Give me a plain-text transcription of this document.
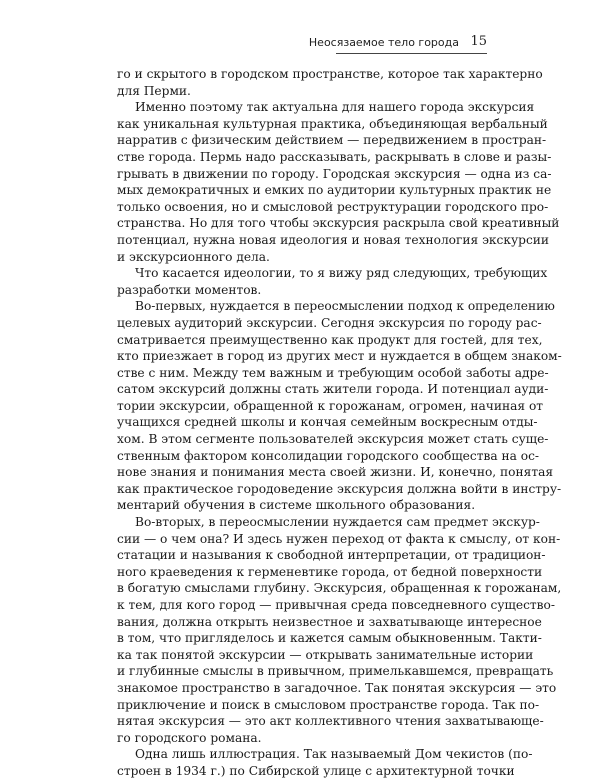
Неосязаемое тело города 15
го и скрытого в городском пространстве, которое так характерно
для Перми.
Именно поэтому так актуальна для нашего города экскурсия
как уникальная культурная практика, объединяющая вербальный
нарратив с физическим действием — передвижением в простран-
стве города. Пермь надо рассказывать, раскрывать в слове и разы-
грывать в движении по городу. Городская экскурсия — одна из са-
мых демократичных и емких по аудитории культурных практик не
только освоения, но и смысловой реструктурации городского про-
странства. Но для того чтобы экскурсия раскрыла свой креативный
потенциал, нужна новая идеология и новая технология экскурсии
и экскурсионного дела.
Что касается идеологии, то я вижу ряд следующих, требующих
разработки моментов.
Во-первых, нуждается в переосмыслении подход к определению
целевых аудиторий экскурсии. Сегодня экскурсия по городу рас-
сматривается преимущественно как продукт для гостей, для тех,
кто приезжает в город из других мест и нуждается в общем знаком-
стве с ним. Между тем важным и требующим особой заботы адре-
сатом экскурсий должны стать жители города. И потенциал ауди-
тории экскурсии, обращенной к горожанам, огромен, начиная от
учащихся средней школы и кончая семейным воскресным отды-
хом. В этом сегменте пользователей экскурсия может стать суще-
ственным фактором консолидации городского сообщества на ос-
нове знания и понимания места своей жизни. И, конечно, понятая
как практическое городоведение экскурсия должна войти в инстру-
ментарий обучения в системе школьного образования.
Во-вторых, в переосмыслении нуждается сам предмет экскур-
сии — о чем она? И здесь нужен переход от факта к смыслу, от кон-
статации и называния к свободной интерпретации, от традицион-
ного краеведения к герменевтике города, от бедной поверхности
в богатую смыслами глубину. Экскурсия, обращенная к горожанам,
к тем, для кого город — привычная среда повседневного существо-
вания, должна открыть неизвестное и захватывающе интересное
в том, что пригляделось и кажется самым обыкновенным. Такти-
ка так понятой экскурсии — открывать занимательные истории
и глубинные смыслы в привычном, примелькавшемся, превращать
знакомое пространство в загадочное. Так понятая экскурсия — это
приключение и поиск в смысловом пространстве города. Так по-
нятая экскурсия — это акт коллективного чтения захватывающе-
го городского романа.
Одна лишь иллюстрация. Так называемый Дом чекистов (по-
строен в 1934 г.) по Сибирской улице с архитектурной точки
